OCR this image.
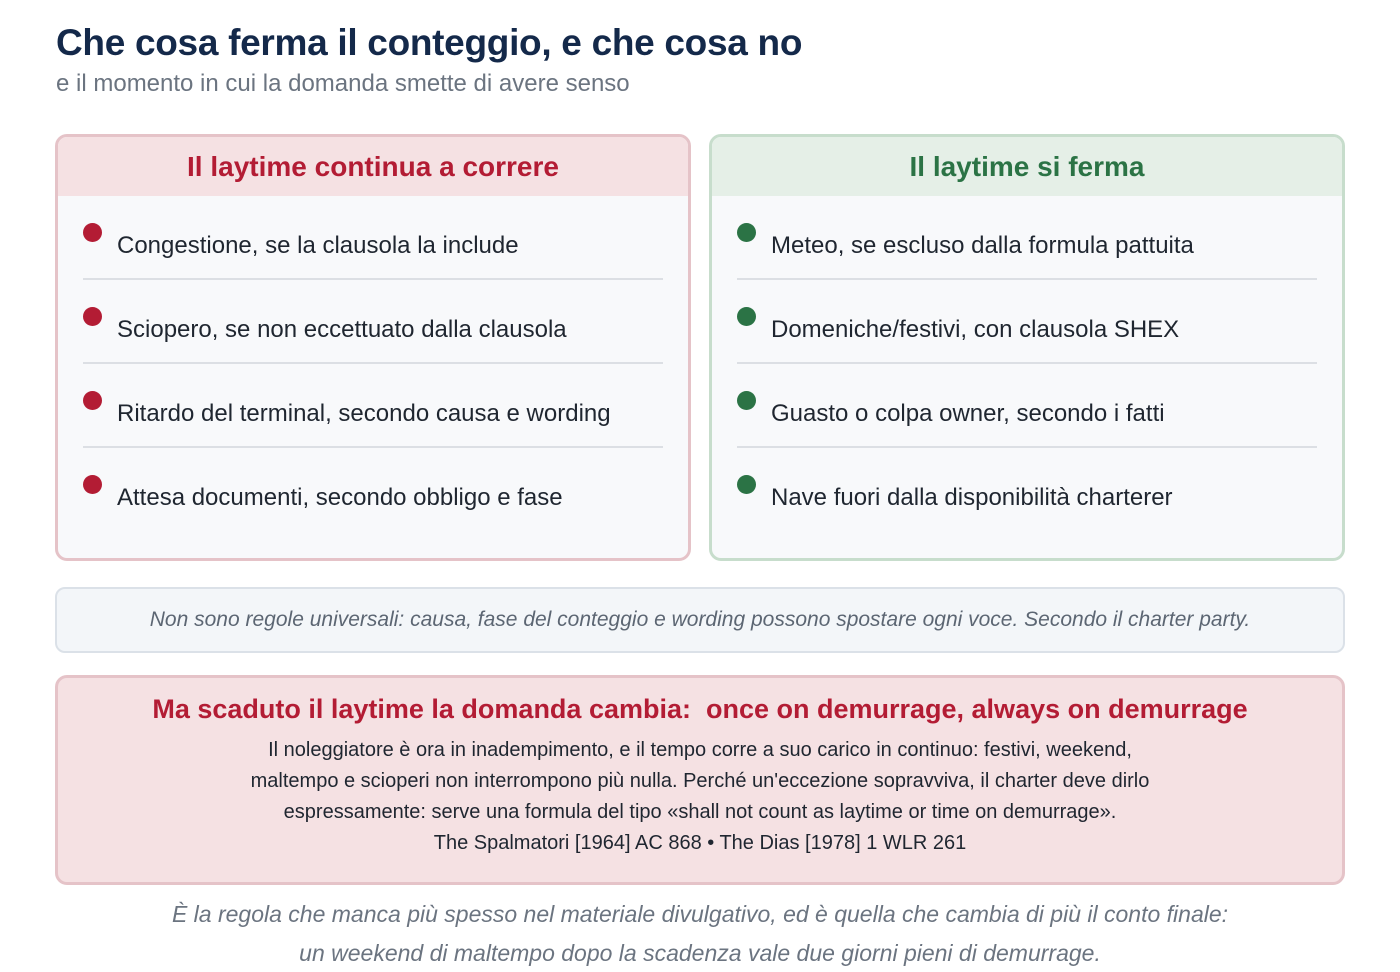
Che cosa ferma il conteggio, e che cosa no
e il momento in cui la domanda smette di avere senso
Il laytime continua a correre
Congestione, se la clausola la include
Sciopero, se non eccettuato dalla clausola
Ritardo del terminal, secondo causa e wording
Attesa documenti, secondo obbligo e fase
Il laytime si ferma
Meteo, se escluso dalla formula pattuita
Domeniche/festivi, con clausola SHEX
Guasto o colpa owner, secondo i fatti
Nave fuori dalla disponibilità charterer
Non sono regole universali: causa, fase del conteggio e wording possono spostare ogni voce. Secondo il charter party.
Ma scaduto il laytime la domanda cambia:  once on demurrage, always on demurrage
Il noleggiatore è ora in inadempimento, e il tempo corre a suo carico in continuo: festivi, weekend,
maltempo e scioperi non interrompono più nulla. Perché un'eccezione sopravviva, il charter deve dirlo
espressamente: serve una formula del tipo «shall not count as laytime or time on demurrage».
The Spalmatori [1964] AC 868 • The Dias [1978] 1 WLR 261
È la regola che manca più spesso nel materiale divulgativo, ed è quella che cambia di più il conto finale:
un weekend di maltempo dopo la scadenza vale due giorni pieni di demurrage.
